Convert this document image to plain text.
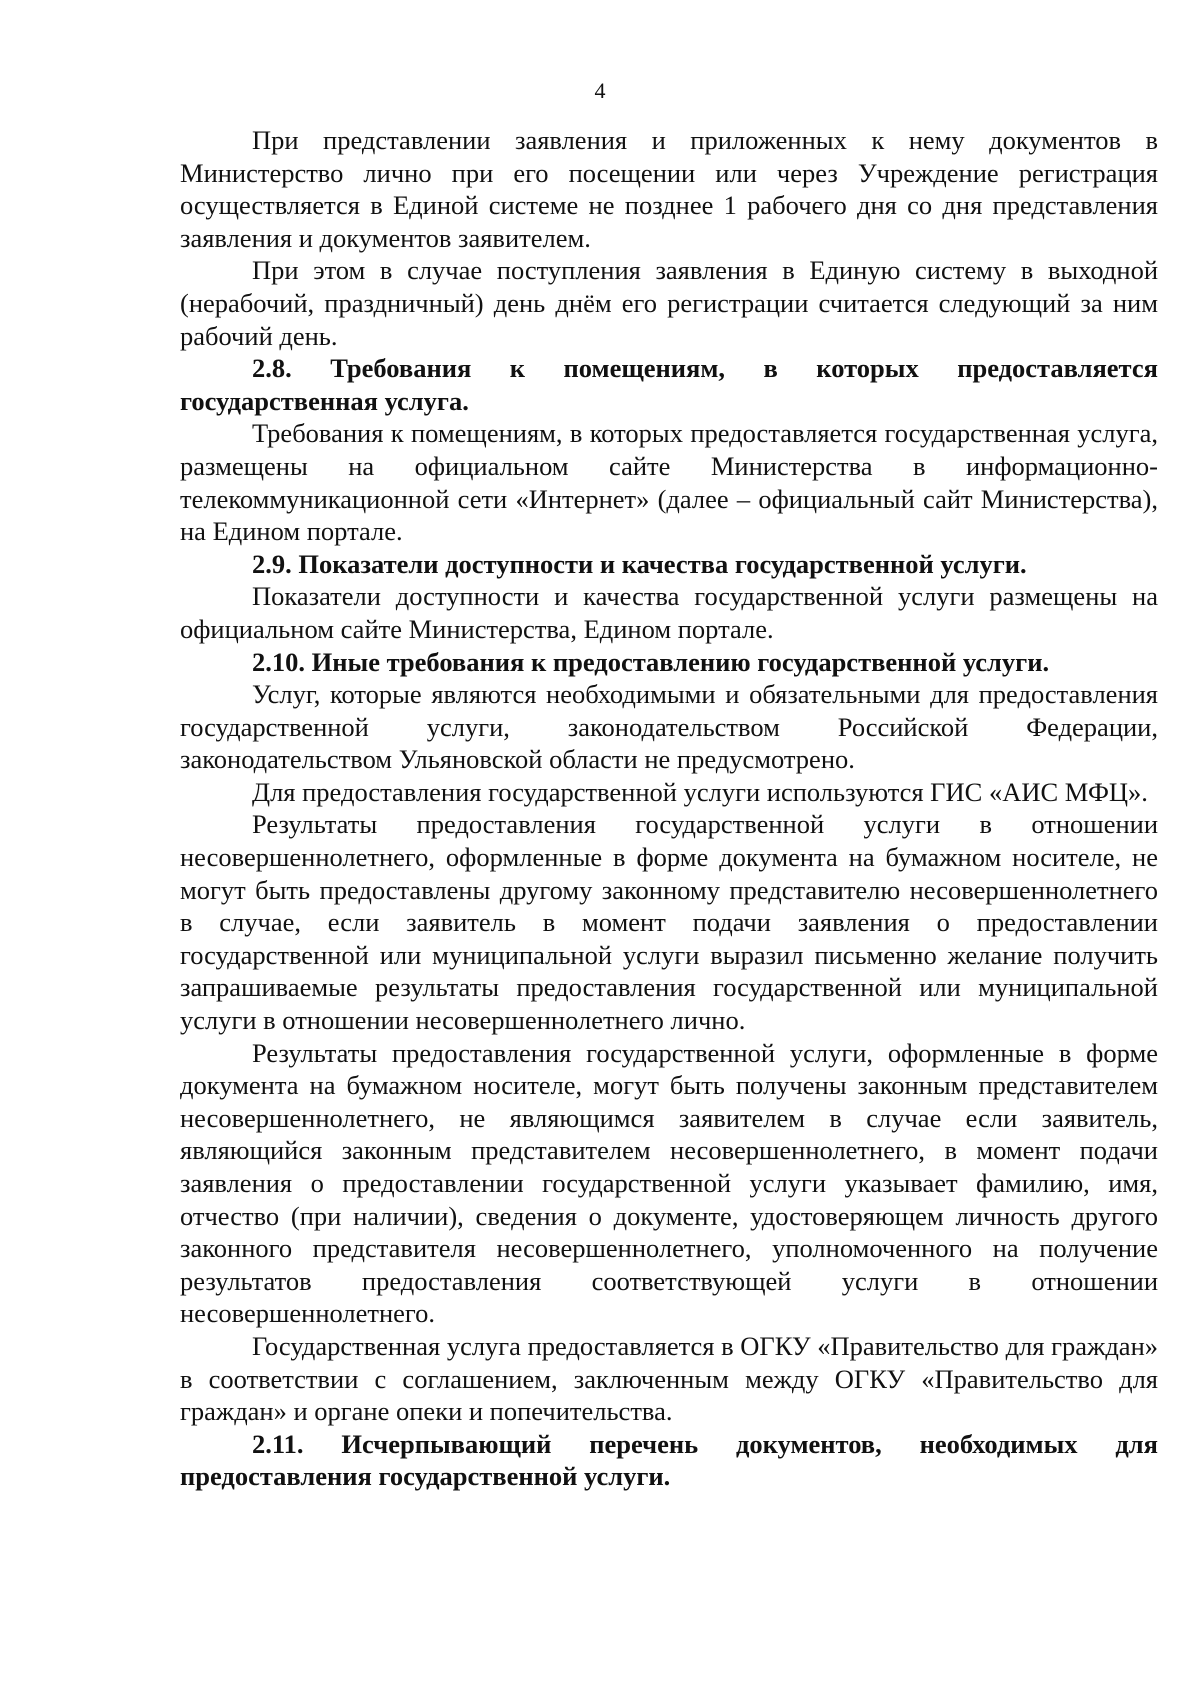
4

При представлении заявления и приложенных к нему документов в Министерство лично при его посещении или через Учреждение регистрация осуществляется в Единой системе не позднее 1 рабочего дня со дня представления заявления и документов заявителем.

При этом в случае поступления заявления в Единую систему в выходной (нерабочий, праздничный) день днём его регистрации считается следующий за ним рабочий день.

2.8. Требования к помещениям, в которых предоставляется государственная услуга.

Требования к помещениям, в которых предоставляется государственная услуга, размещены на официальном сайте Министерства в информационно-телекоммуникационной сети «Интернет» (далее – официальный сайт Министерства), на Едином портале.

2.9. Показатели доступности и качества государственной услуги.

Показатели доступности и качества государственной услуги размещены на официальном сайте Министерства, Едином портале.

2.10. Иные требования к предоставлению государственной услуги.

Услуг, которые являются необходимыми и обязательными для предоставления государственной услуги, законодательством Российской Федерации, законодательством Ульяновской области не предусмотрено.

Для предоставления государственной услуги используются ГИС «АИС МФЦ».

Результаты предоставления государственной услуги в отношении несовершеннолетнего, оформленные в форме документа на бумажном носителе, не могут быть предоставлены другому законному представителю несовершеннолетнего в случае, если заявитель в момент подачи заявления о предоставлении государственной или муниципальной услуги выразил письменно желание получить запрашиваемые результаты предоставления государственной или муниципальной услуги в отношении несовершеннолетнего лично.

Результаты предоставления государственной услуги, оформленные в форме документа на бумажном носителе, могут быть получены законным представителем несовершеннолетнего, не являющимся заявителем в случае если заявитель, являющийся законным представителем несовершеннолетнего, в момент подачи заявления о предоставлении государственной услуги указывает фамилию, имя, отчество (при наличии), сведения о документе, удостоверяющем личность другого законного представителя несовершеннолетнего, уполномоченного на получение результатов предоставления соответствующей услуги в отношении несовершеннолетнего.

Государственная услуга предоставляется в ОГКУ «Правительство для граждан» в соответствии с соглашением, заключенным между ОГКУ «Правительство для граждан» и органе опеки и попечительства.

2.11. Исчерпывающий перечень документов, необходимых для предоставления государственной услуги.
